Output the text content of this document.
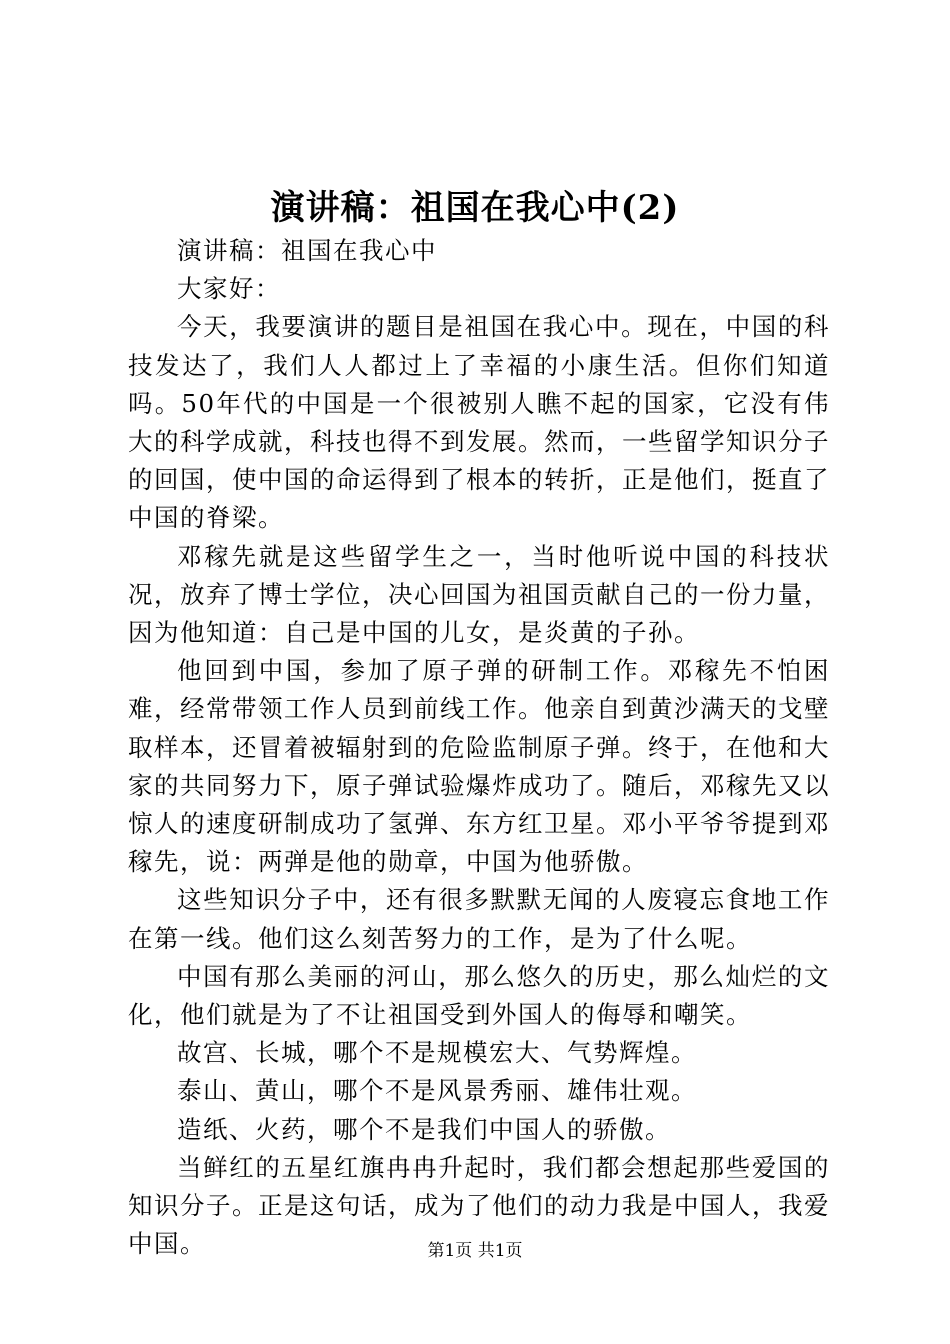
演讲稿：祖国在我心中(2)

演讲稿：祖国在我心中

大家好：

今天，我要演讲的题目是祖国在我心中。现在，中国的科技发达了，我们人人都过上了幸福的小康生活。但你们知道吗。50年代的中国是一个很被别人瞧不起的国家，它没有伟大的科学成就，科技也得不到发展。然而，一些留学知识分子的回国，使中国的命运得到了根本的转折，正是他们，挺直了中国的脊梁。

邓稼先就是这些留学生之一，当时他听说中国的科技状况，放弃了博士学位，决心回国为祖国贡献自己的一份力量，因为他知道：自己是中国的儿女，是炎黄的子孙。

他回到中国，参加了原子弹的研制工作。邓稼先不怕困难，经常带领工作人员到前线工作。他亲自到黄沙满天的戈壁取样本，还冒着被辐射到的危险监制原子弹。终于，在他和大家的共同努力下，原子弹试验爆炸成功了。随后，邓稼先又以惊人的速度研制成功了氢弹、东方红卫星。邓小平爷爷提到邓稼先，说：两弹是他的勋章，中国为他骄傲。

这些知识分子中，还有很多默默无闻的人废寝忘食地工作在第一线。他们这么刻苦努力的工作，是为了什么呢。

中国有那么美丽的河山，那么悠久的历史，那么灿烂的文化，他们就是为了不让祖国受到外国人的侮辱和嘲笑。

故宫、长城，哪个不是规模宏大、气势辉煌。

泰山、黄山，哪个不是风景秀丽、雄伟壮观。

造纸、火药，哪个不是我们中国人的骄傲。

当鲜红的五星红旗冉冉升起时，我们都会想起那些爱国的知识分子。正是这句话，成为了他们的动力我是中国人，我爱中国。	第1页 共1页
